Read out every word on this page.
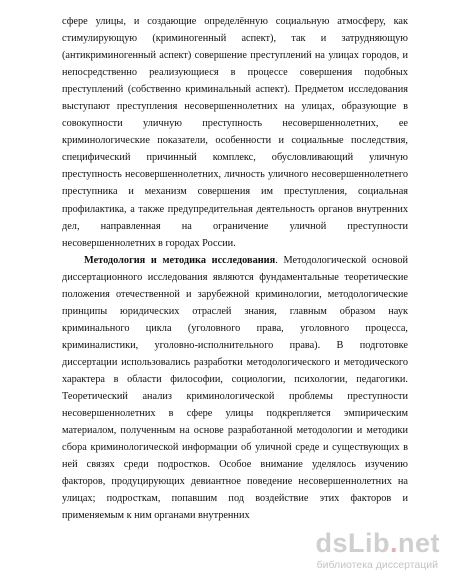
сфере улицы, и создающие определённую социальную атмосферу, как
стимулирующую (криминогенный аспект), так и затрудняющую
(антикриминогенный аспект) совершение преступлений на улицах городов, и
непосредственно реализующиеся в процессе совершения подобных
преступлений (собственно криминальный аспект). Предметом исследования
выступают преступления несовершеннолетних на улицах, образующие в
совокупности уличную преступность несовершеннолетних, ее
криминологические показатели, особенности и социальные последствия,
специфический причинный комплекс, обусловливающий уличную
преступность несовершеннолетних, личность уличного несовершеннолетнего
преступника и механизм совершения им преступления, социальная
профилактика, а также предупредительная деятельность органов внутренних
дел, направленная на ограничение уличной преступности
несовершеннолетних в городах России.
Методология и методика исследования. Методологической основой
диссертационного исследования являются фундаментальные теоретические
положения отечественной и зарубежной криминологии, методологические
принципы юридических отраслей знания, главным образом наук
криминального цикла (уголовного права, уголовного процесса,
криминалистики, уголовно-исполнительного права). В подготовке
диссертации использовались разработки методологического и методического
характера в области философии, социологии, психологии, педагогики.
Теоретический анализ криминологической проблемы преступности
несовершеннолетних в сфере улицы подкрепляется эмпирическим
материалом, полученным на основе разработанной методологии и методики
сбора криминологической информации об уличной среде и существующих в
ней связях среди подростков. Особое внимание уделялось изучению
факторов, продуцирующих девиантное поведение несовершеннолетних на
улицах; подросткам, попавшим под воздействие этих факторов и
применяемым к ним органами внутренних
dsLib.net
библиотека диссертаций
